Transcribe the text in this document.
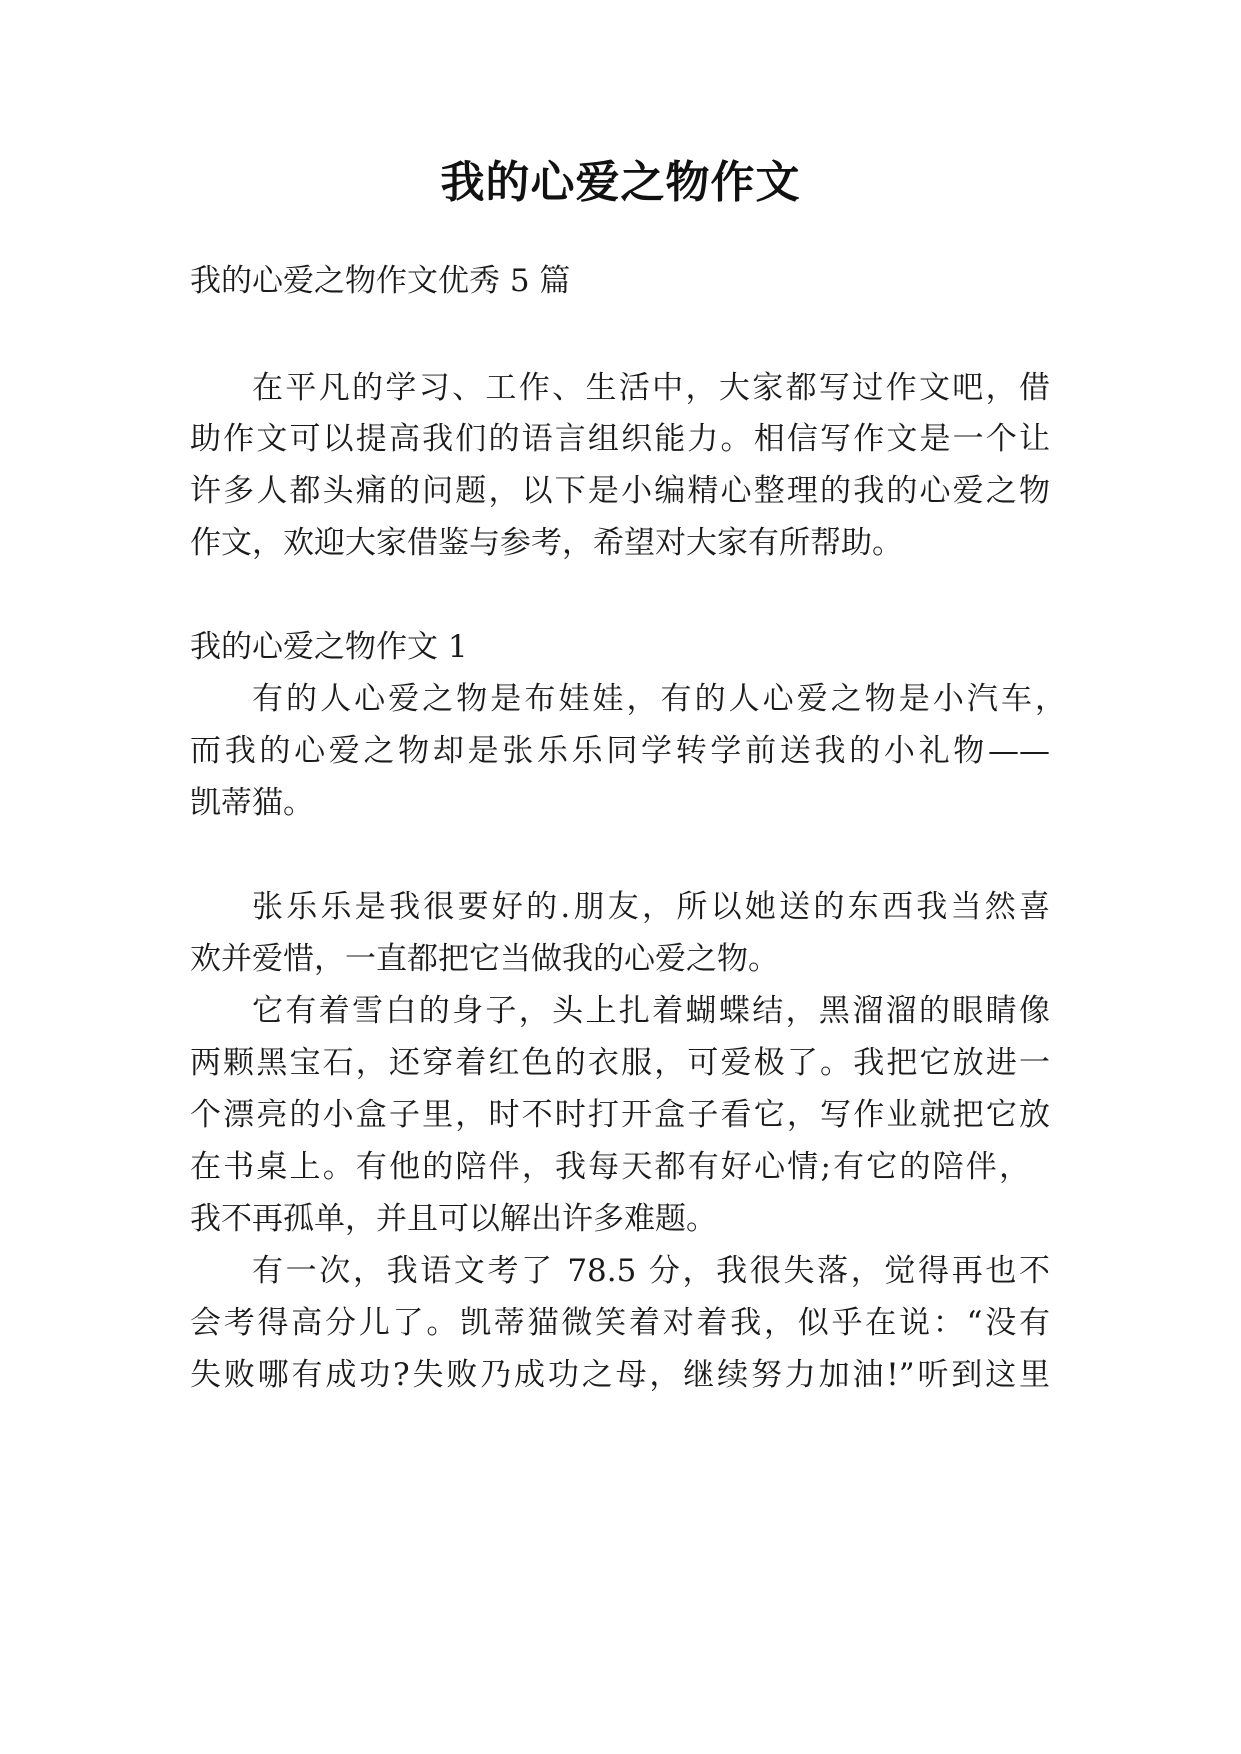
我的心爱之物作文
我的心爱之物作文优秀 5 篇
在平凡的学习、工作、生活中，大家都写过作文吧，借
助作文可以提高我们的语言组织能力。相信写作文是一个让
许多人都头痛的问题，以下是小编精心整理的我的心爱之物
作文，欢迎大家借鉴与参考，希望对大家有所帮助。
我的心爱之物作文 1
有的人心爱之物是布娃娃，有的人心爱之物是小汽车，
而我的心爱之物却是张乐乐同学转学前送我的小礼物——
凯蒂猫。
张乐乐是我很要好的.朋友，所以她送的东西我当然喜
欢并爱惜，一直都把它当做我的心爱之物。
它有着雪白的身子，头上扎着蝴蝶结，黑溜溜的眼睛像
两颗黑宝石，还穿着红色的衣服，可爱极了。我把它放进一
个漂亮的小盒子里，时不时打开盒子看它，写作业就把它放
在书桌上。有他的陪伴，我每天都有好心情;有它的陪伴，
我不再孤单，并且可以解出许多难题。
有一次，我语文考了 78.5 分，我很失落，觉得再也不
会考得高分儿了。凯蒂猫微笑着对着我，似乎在说：“没有
失败哪有成功?失败乃成功之母，继续努力加油!”听到这里
